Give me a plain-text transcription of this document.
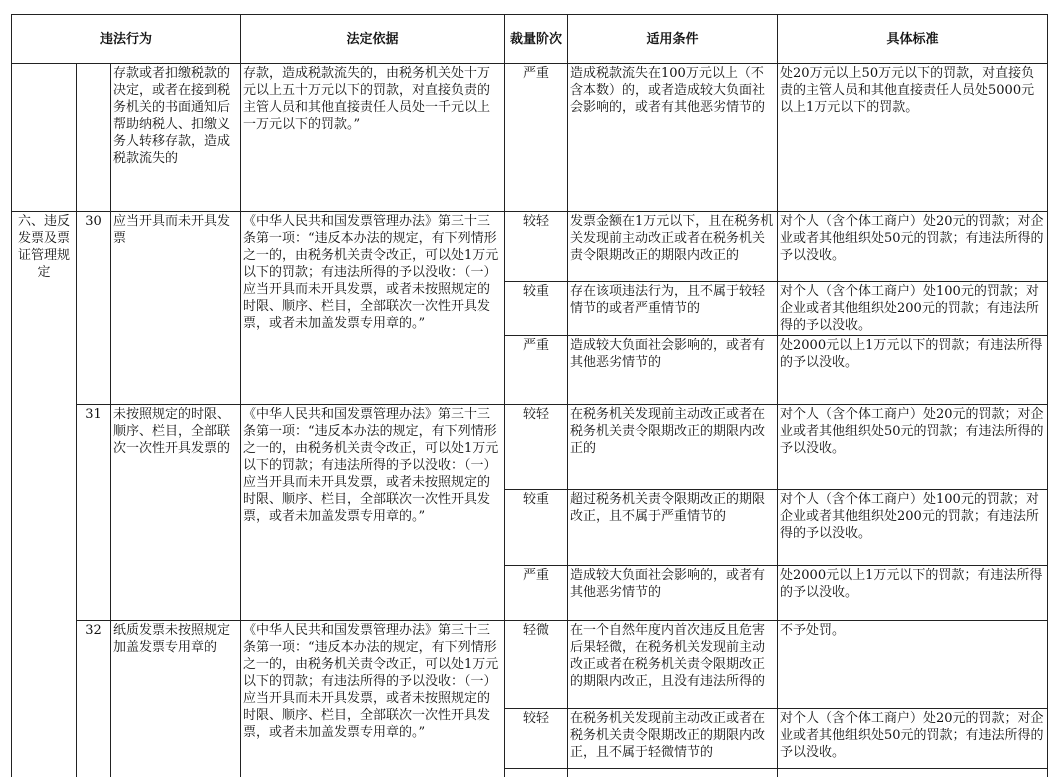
违法行为			法定依据	裁量阶次	适用条件	具体标准
		存款或者扣缴税款的决定，或者在接到税务机关的书面通知后帮助纳税人、扣缴义务人转移存款，造成税款流失的	存款，造成税款流失的，由税务机关处十万元以上五十万元以下的罚款，对直接负责的主管人员和其他直接责任人员处一千元以上一万元以下的罚款。”	严重	造成税款流失在100万元以上（不含本数）的，或者造成较大负面社会影响的，或者有其他恶劣情节的	处20万元以上50万元以下的罚款，对直接负责的主管人员和其他直接责任人员处5000元以上1万元以下的罚款。
六、违反发票及票证管理规定	30	应当开具而未开具发票	《中华人民共和国发票管理办法》第三十三条第一项：“违反本办法的规定，有下列情形之一的，由税务机关责令改正，可以处1万元以下的罚款；有违法所得的予以没收：（一）应当开具而未开具发票，或者未按照规定的时限、顺序、栏目，全部联次一次性开具发票，或者未加盖发票专用章的。”	较轻	发票金额在1万元以下，且在税务机关发现前主动改正或者在税务机关责令限期改正的期限内改正的	对个人（含个体工商户）处20元的罚款；对企业或者其他组织处50元的罚款；有违法所得的予以没收。
				较重	存在该项违法行为，且不属于较轻情节的或者严重情节的	对个人（含个体工商户）处100元的罚款；对企业或者其他组织处200元的罚款；有违法所得的予以没收。
				严重	造成较大负面社会影响的，或者有其他恶劣情节的	处2000元以上1万元以下的罚款；有违法所得的予以没收。
	31	未按照规定的时限、顺序、栏目，全部联次一次性开具发票的	《中华人民共和国发票管理办法》第三十三条第一项：“违反本办法的规定，有下列情形之一的，由税务机关责令改正，可以处1万元以下的罚款；有违法所得的予以没收：（一）应当开具而未开具发票，或者未按照规定的时限、顺序、栏目，全部联次一次性开具发票，或者未加盖发票专用章的。”	较轻	在税务机关发现前主动改正或者在税务机关责令限期改正的期限内改正的	对个人（含个体工商户）处20元的罚款；对企业或者其他组织处50元的罚款；有违法所得的予以没收。
				较重	超过税务机关责令限期改正的期限改正，且不属于严重情节的	对个人（含个体工商户）处100元的罚款；对企业或者其他组织处200元的罚款；有违法所得的予以没收。
				严重	造成较大负面社会影响的，或者有其他恶劣情节的	处2000元以上1万元以下的罚款；有违法所得的予以没收。
	32	纸质发票未按照规定加盖发票专用章的	《中华人民共和国发票管理办法》第三十三条第一项：“违反本办法的规定，有下列情形之一的，由税务机关责令改正，可以处1万元以下的罚款；有违法所得的予以没收：（一）应当开具而未开具发票，或者未按照规定的时限、顺序、栏目，全部联次一次性开具发票，或者未加盖发票专用章的。”	轻微	在一个自然年度内首次违反且危害后果轻微，在税务机关发现前主动改正或者在税务机关责令限期改正的期限内改正，且没有违法所得的	不予处罚。
				较轻	在税务机关发现前主动改正或者在税务机关责令限期改正的期限内改正，且不属于轻微情节的	对个人（含个体工商户）处20元的罚款；对企业或者其他组织处50元的罚款；有违法所得的予以没收。
